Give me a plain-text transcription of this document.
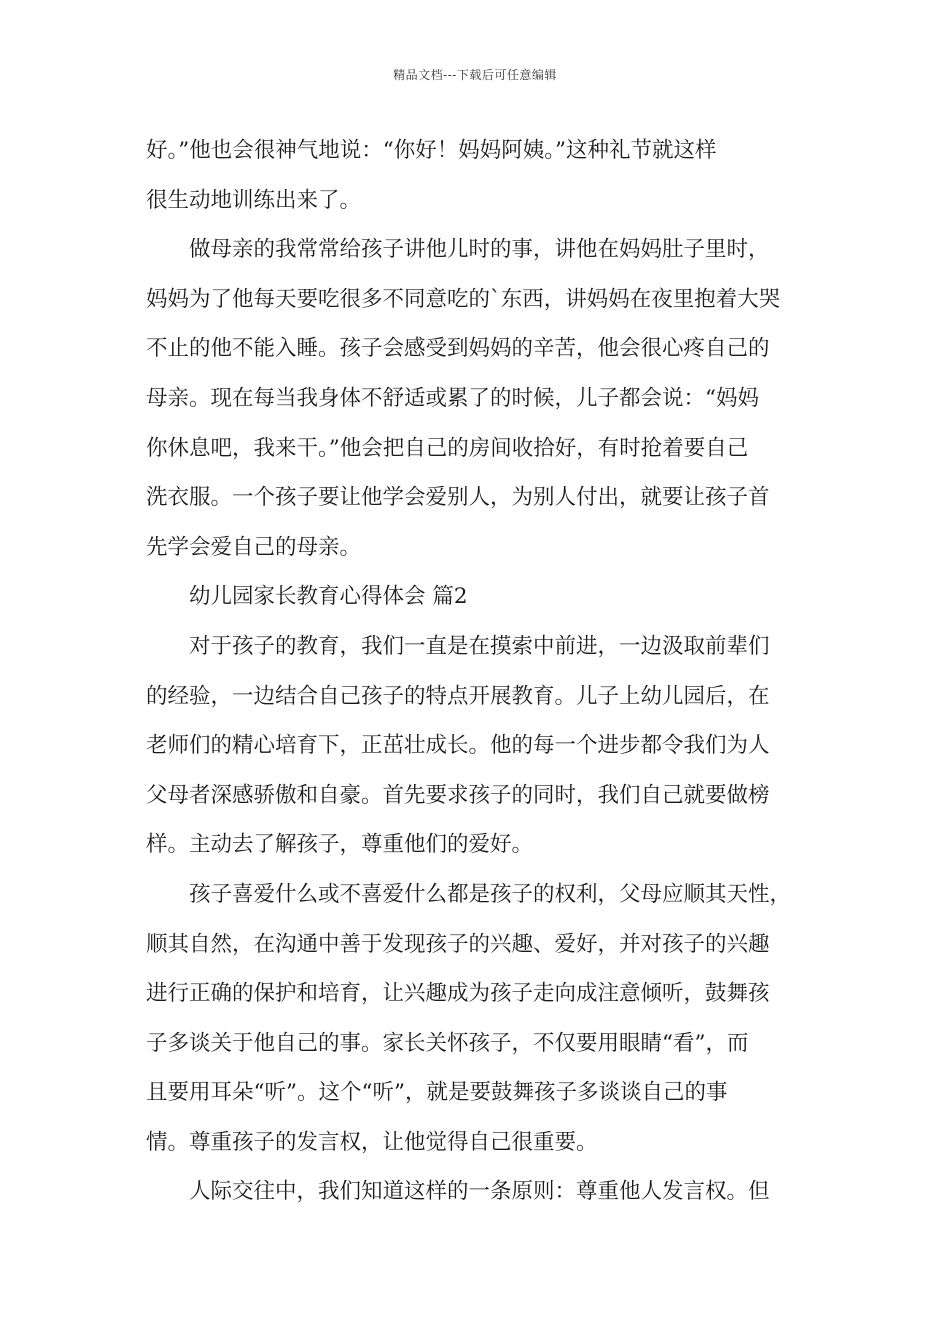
精品文档---下载后可任意编辑
好。”他也会很神气地说：“你好！妈妈阿姨。”这种礼节就这样
很生动地训练出来了。
做母亲的我常常给孩子讲他儿时的事，讲他在妈妈肚子里时，
妈妈为了他每天要吃很多不同意吃的`东西，讲妈妈在夜里抱着大哭
不止的他不能入睡。孩子会感受到妈妈的辛苦，他会很心疼自己的
母亲。现在每当我身体不舒适或累了的时候，儿子都会说：“妈妈
你休息吧，我来干。”他会把自己的房间收拾好，有时抢着要自己
洗衣服。一个孩子要让他学会爱别人，为别人付出，就要让孩子首
先学会爱自己的母亲。
幼儿园家长教育心得体会 篇2
对于孩子的教育，我们一直是在摸索中前进，一边汲取前辈们
的经验，一边结合自己孩子的特点开展教育。儿子上幼儿园后，在
老师们的精心培育下，正茁壮成长。他的每一个进步都令我们为人
父母者深感骄傲和自豪。首先要求孩子的同时，我们自己就要做榜
样。主动去了解孩子，尊重他们的爱好。
孩子喜爱什么或不喜爱什么都是孩子的权利，父母应顺其天性，
顺其自然，在沟通中善于发现孩子的兴趣、爱好，并对孩子的兴趣
进行正确的保护和培育，让兴趣成为孩子走向成注意倾听，鼓舞孩
子多谈关于他自己的事。家长关怀孩子，不仅要用眼睛“看”，而
且要用耳朵“听”。这个“听”，就是要鼓舞孩子多谈谈自己的事
情。尊重孩子的发言权，让他觉得自己很重要。
人际交往中，我们知道这样的一条原则：尊重他人发言权。但
